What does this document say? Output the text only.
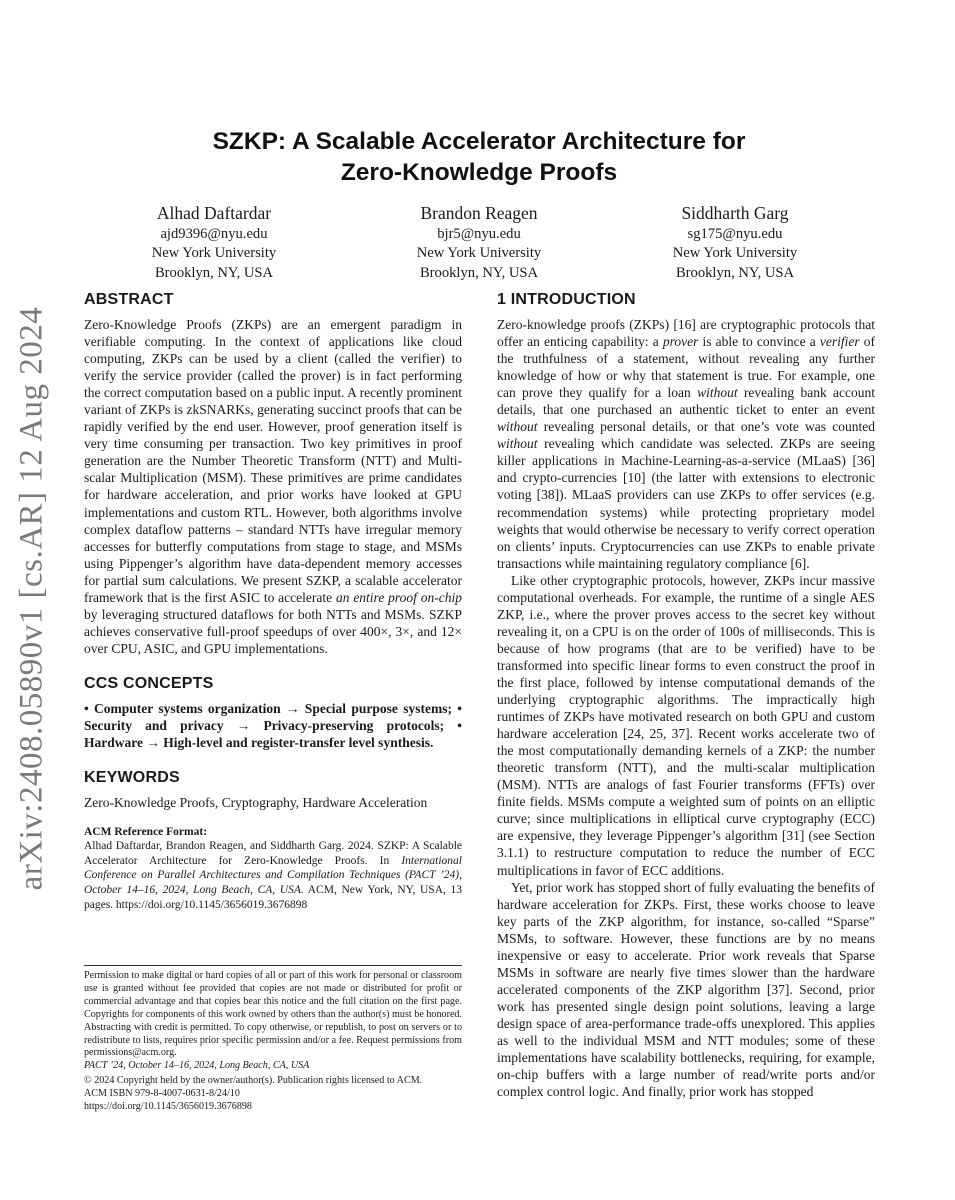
arXiv:2408.05890v1 [cs.AR] 12 Aug 2024
SZKP: A Scalable Accelerator Architecture for
Zero-Knowledge Proofs
Alhad Daftardar
ajd9396@nyu.edu
New York University
Brooklyn, NY, USA
Brandon Reagen
bjr5@nyu.edu
New York University
Brooklyn, NY, USA
Siddharth Garg
sg175@nyu.edu
New York University
Brooklyn, NY, USA
ABSTRACT

Zero-Knowledge Proofs (ZKPs) are an emergent paradigm in verifiable computing. In the context of applications like cloud computing, ZKPs can be used by a client (called the verifier) to verify the service provider (called the prover) is in fact performing the correct computation based on a public input. A recently prominent variant of ZKPs is zkSNARKs, generating succinct proofs that can be rapidly verified by the end user. However, proof generation itself is very time consuming per transaction. Two key primitives in proof generation are the Number Theoretic Transform (NTT) and Multi-scalar Multiplication (MSM). These primitives are prime candidates for hardware acceleration, and prior works have looked at GPU implementations and custom RTL. However, both algorithms involve complex dataflow patterns – standard NTTs have irregular memory accesses for butterfly computations from stage to stage, and MSMs using Pippenger’s algorithm have data-dependent memory accesses for partial sum calculations. We present SZKP, a scalable accelerator framework that is the first ASIC to accelerate an entire proof on-chip by leveraging structured dataflows for both NTTs and MSMs. SZKP achieves conservative full-proof speedups of over 400×, 3×, and 12× over CPU, ASIC, and GPU implementations.

CCS CONCEPTS

• Computer systems organization → Special purpose systems; • Security and privacy → Privacy-preserving protocols; • Hardware → High-level and register-transfer level synthesis.

KEYWORDS

Zero-Knowledge Proofs, Cryptography, Hardware Acceleration

ACM Reference Format:

Alhad Daftardar, Brandon Reagen, and Siddharth Garg. 2024. SZKP: A Scalable Accelerator Architecture for Zero-Knowledge Proofs. In International Conference on Parallel Architectures and Compilation Techniques (PACT ’24), October 14–16, 2024, Long Beach, CA, USA. ACM, New York, NY, USA, 13 pages. https://doi.org/10.1145/3656019.3676898

Permission to make digital or hard copies of all or part of this work for personal or classroom use is granted without fee provided that copies are not made or distributed for profit or commercial advantage and that copies bear this notice and the full citation on the first page. Copyrights for components of this work owned by others than the author(s) must be honored. Abstracting with credit is permitted. To copy otherwise, or republish, to post on servers or to redistribute to lists, requires prior specific permission and/or a fee. Request permissions from permissions@acm.org.

PACT ’24, October 14–16, 2024, Long Beach, CA, USA

© 2024 Copyright held by the owner/author(s). Publication rights licensed to ACM.

ACM ISBN 979-8-4007-0631-8/24/10

https://doi.org/10.1145/3656019.3676898

1 INTRODUCTION

Zero-knowledge proofs (ZKPs) [16] are cryptographic protocols that offer an enticing capability: a prover is able to convince a verifier of the truthfulness of a statement, without revealing any further knowledge of how or why that statement is true. For example, one can prove they qualify for a loan without revealing bank account details, that one purchased an authentic ticket to enter an event without revealing personal details, or that one’s vote was counted without revealing which candidate was selected. ZKPs are seeing killer applications in Machine-Learning-as-a-service (MLaaS) [36] and crypto-currencies [10] (the latter with extensions to electronic voting [38]). MLaaS providers can use ZKPs to offer services (e.g. recommendation systems) while protecting proprietary model weights that would otherwise be necessary to verify correct operation on clients’ inputs. Cryptocurrencies can use ZKPs to enable private transactions while maintaining regulatory compliance [6].

Like other cryptographic protocols, however, ZKPs incur massive computational overheads. For example, the runtime of a single AES ZKP, i.e., where the prover proves access to the secret key without revealing it, on a CPU is on the order of 100s of milliseconds. This is because of how programs (that are to be verified) have to be transformed into specific linear forms to even construct the proof in the first place, followed by intense computational demands of the underlying cryptographic algorithms. The impractically high runtimes of ZKPs have motivated research on both GPU and custom hardware acceleration [24, 25, 37]. Recent works accelerate two of the most computationally demanding kernels of a ZKP: the number theoretic transform (NTT), and the multi-scalar multiplication (MSM). NTTs are analogs of fast Fourier transforms (FFTs) over finite fields. MSMs compute a weighted sum of points on an elliptic curve; since multiplications in elliptical curve cryptography (ECC) are expensive, they leverage Pippenger’s algorithm [31] (see Section 3.1.1) to restructure computation to reduce the number of ECC multiplications in favor of ECC additions.

Yet, prior work has stopped short of fully evaluating the benefits of hardware acceleration for ZKPs. First, these works choose to leave key parts of the ZKP algorithm, for instance, so-called “Sparse” MSMs, to software. However, these functions are by no means inexpensive or easy to accelerate. Prior work reveals that Sparse MSMs in software are nearly five times slower than the hardware accelerated components of the ZKP algorithm [37]. Second, prior work has presented single design point solutions, leaving a large design space of area-performance trade-offs unexplored. This applies as well to the individual MSM and NTT modules; some of these implementations have scalability bottlenecks, requiring, for example, on-chip buffers with a large number of read/write ports and/or complex control logic. And finally, prior work has stopped
